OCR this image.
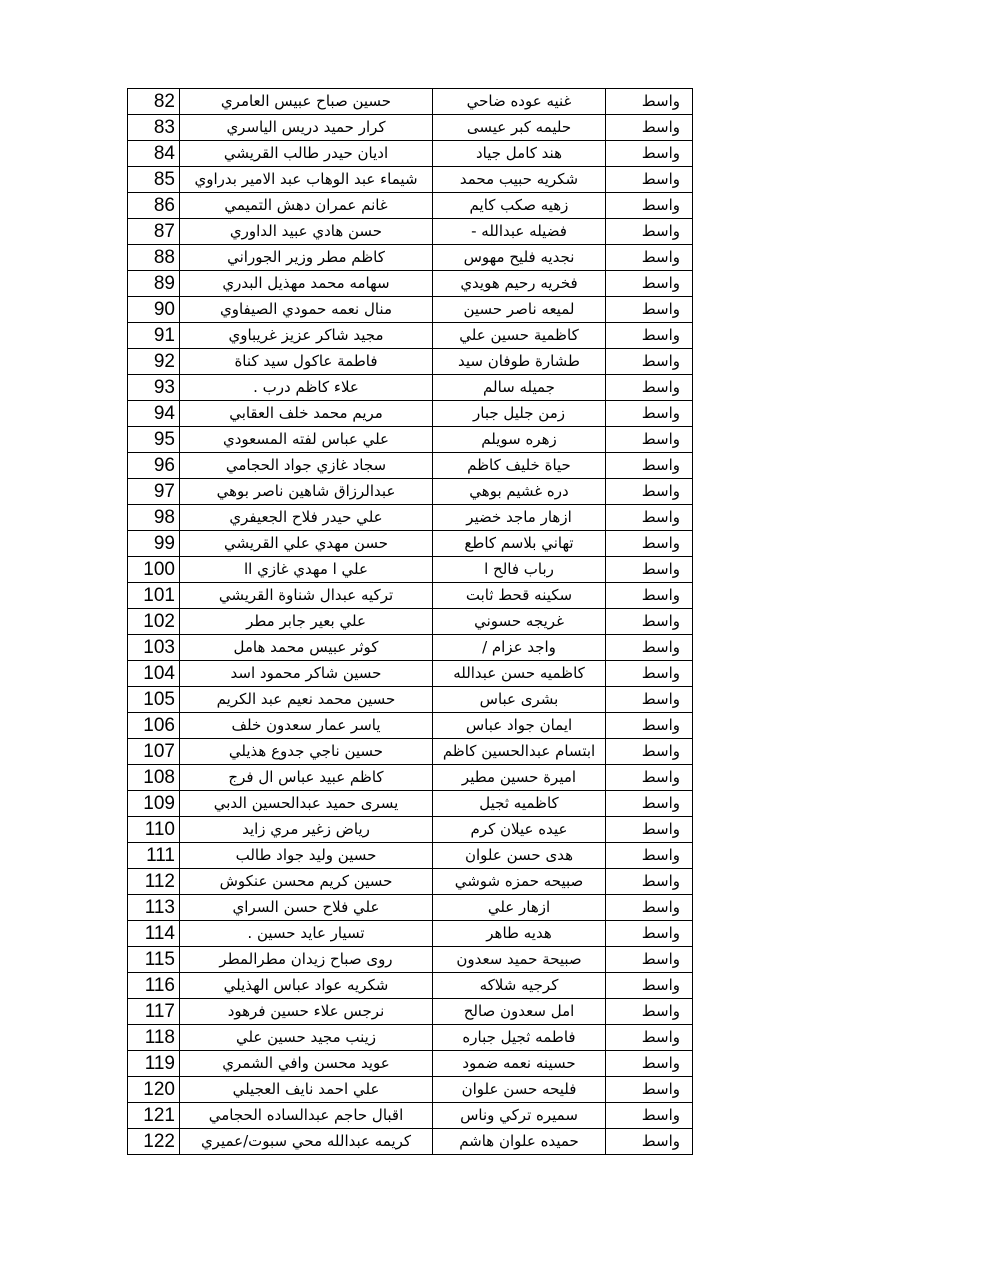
82	حسين صباح عبيس العامري	غنيه عوده ضاحي	واسط
83	كرار حميد دريس الياسري	حليمه كبر عيسى	واسط
84	اديان حيدر طالب القريشي	هند كامل جياد	واسط
85	شيماء عبد الوهاب عبد الامير بدراوي	شكريه حبيب محمد	واسط
86	غانم عمران دهش التميمي	زهيه صكب كايم	واسط
87	حسن هادي عبيد الداوري	فضيله عبدالله -	واسط
88	كاظم مطر وزير الجوراني	نجديه فليح مهوس	واسط
89	سهامه محمد مهذيل البدري	فخريه رحيم هويدي	واسط
90	منال نعمه حمودي الصيفاوي	لميعه ناصر حسين	واسط
91	مجيد شاكر عزيز غريباوي	كاظمية حسين علي	واسط
92	فاطمة عاكول سيد كناة	طشارة طوفان سيد	واسط
93	علاء كاظم درب .	جميله سالم	واسط
94	مريم محمد خلف العقابي	زمن جليل جبار	واسط
95	علي عباس لفته المسعودي	زهره سويلم	واسط
96	سجاد غازي جواد الحجامي	حياة خليف كاظم	واسط
97	عبدالرزاق شاهين ناصر بوهي	دره غشيم بوهي	واسط
98	علي حيدر فلاح الجعيفري	ازهار ماجد خضير	واسط
99	حسن مهدي علي القريشي	تهاني بلاسم كاطع	واسط
100	علي ا مهدي غازي اا	رباب فالح ا	واسط
101	تركيه عبدال شناوة القريشي	سكينه قحط ثابت	واسط
102	علي بعير جابر مطر	غريجه حسوني	واسط
103	كوثر عبيس محمد هامل	واجد عزام /	واسط
104	حسين شاكر محمود اسد	كاظميه حسن عبدالله	واسط
105	حسين محمد نعيم عبد الكريم	بشرى عباس	واسط
106	ياسر عمار سعدون خلف	ايمان جواد عباس	واسط
107	حسين ناجي جدوع هذيلي	ابتسام عبدالحسين كاظم	واسط
108	كاظم عبيد عباس ال فرج	اميرة حسين مطير	واسط
109	يسرى حميد عبدالحسين الدبي	كاظميه ثجيل	واسط
110	رياض زغير مري زايد	عيده عيلان كرم	واسط
111	حسين وليد جواد طالب	هدى حسن علوان	واسط
112	حسين كريم محسن عنكوش	صبيحه حمزه شوشي	واسط
113	علي فلاح حسن السراي	ازهار علي	واسط
114	تسيار عايد حسين .	هديه طاهر	واسط
115	روى صباح زيدان مطرالمطر	صبيحة حميد سعدون	واسط
116	شكريه عواد عباس الهذيلي	كرجيه شلاكه	واسط
117	نرجس علاء حسين فرهود	امل سعدون صالح	واسط
118	زينب مجيد حسين علي	فاطمه ثجيل جباره	واسط
119	عويد محسن وافي الشمري	حسينه نعمه ضمود	واسط
120	علي احمد نايف العجيلي	فليحه حسن علوان	واسط
121	اقبال حاجم عبدالساده الحجامي	سميره تركي وناس	واسط
122	كريمه عبدالله محي سبوت/عميري	حميده علوان هاشم	واسط
